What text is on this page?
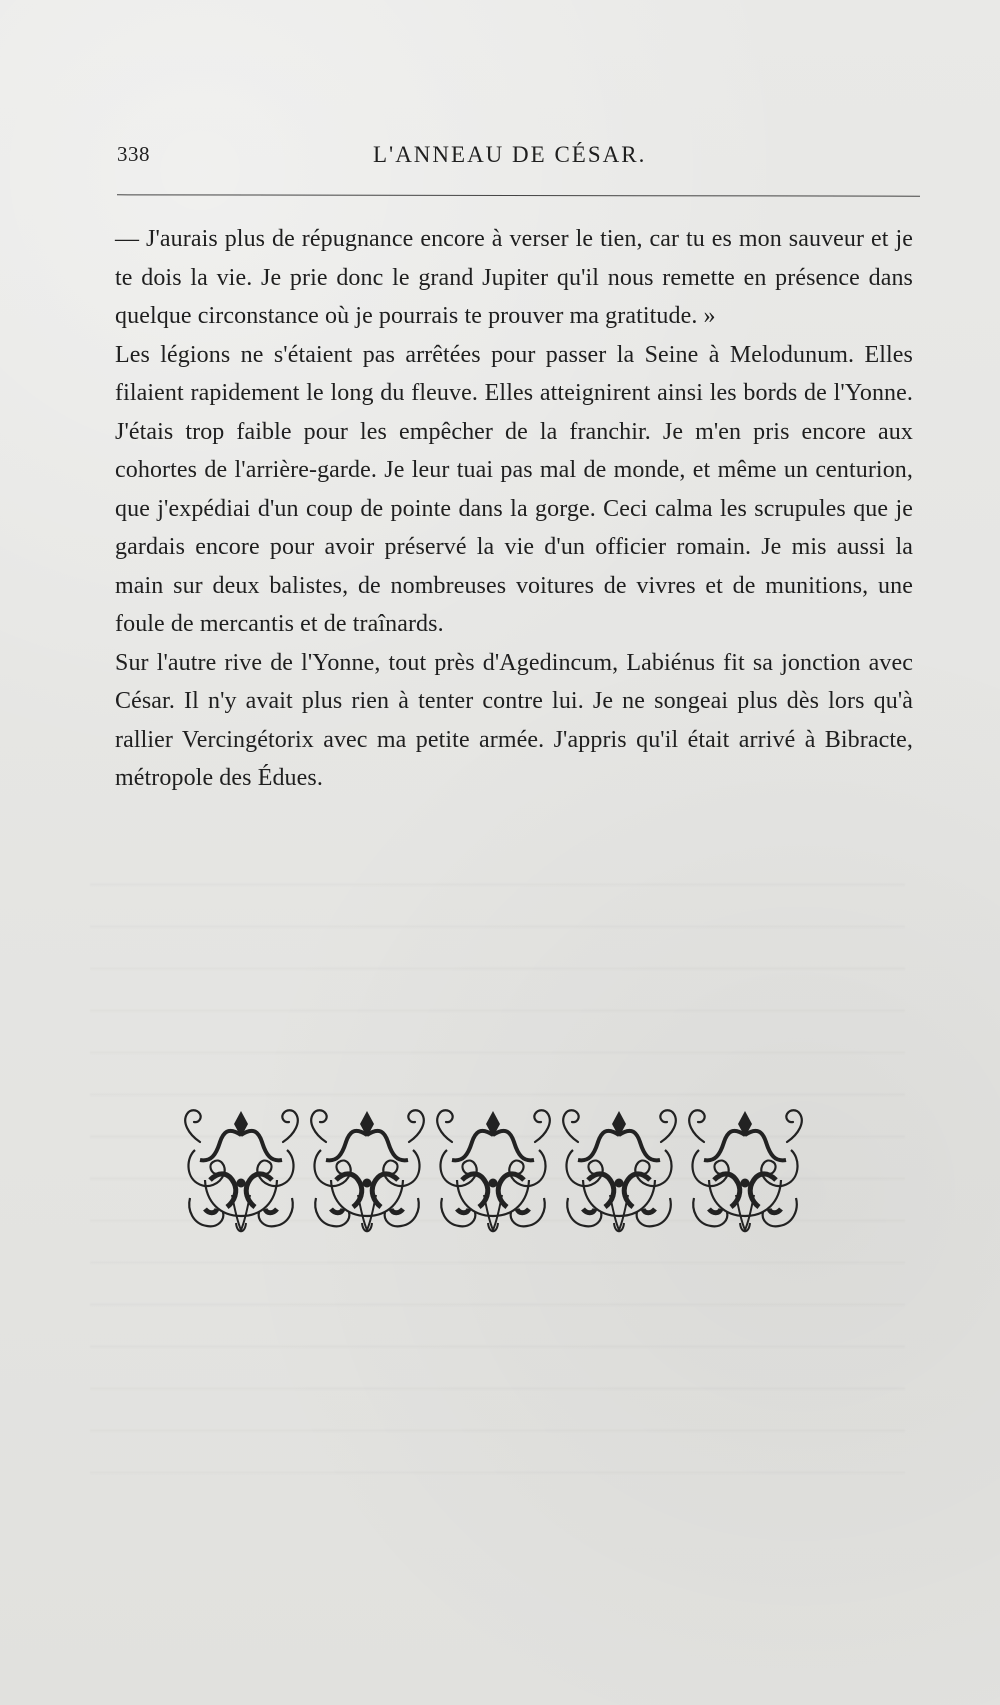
338	L'ANNEAU DE CÉSAR.

— J'aurais plus de répugnance encore à verser le tien, car tu es mon sauveur et je te dois la vie. Je prie donc le grand Jupiter qu'il nous remette en présence dans quelque circonstance où je pourrais te prouver ma gratitude. »

Les légions ne s'étaient pas arrêtées pour passer la Seine à Melodunum. Elles filaient rapidement le long du fleuve. Elles atteignirent ainsi les bords de l'Yonne. J'étais trop faible pour les empêcher de la franchir. Je m'en pris encore aux cohortes de l'arrière-garde. Je leur tuai pas mal de monde, et même un centurion, que j'expédiai d'un coup de pointe dans la gorge. Ceci calma les scrupules que je gardais encore pour avoir préservé la vie d'un officier romain. Je mis aussi la main sur deux balistes, de nombreuses voitures de vivres et de munitions, une foule de mercantis et de traînards.

Sur l'autre rive de l'Yonne, tout près d'Agedincum, Labiénus fit sa jonction avec César. Il n'y avait plus rien à tenter contre lui. Je ne songeai plus dès lors qu'à rallier Vercingétorix avec ma petite armée. J'appris qu'il était arrivé à Bibracte, métropole des Édues.
